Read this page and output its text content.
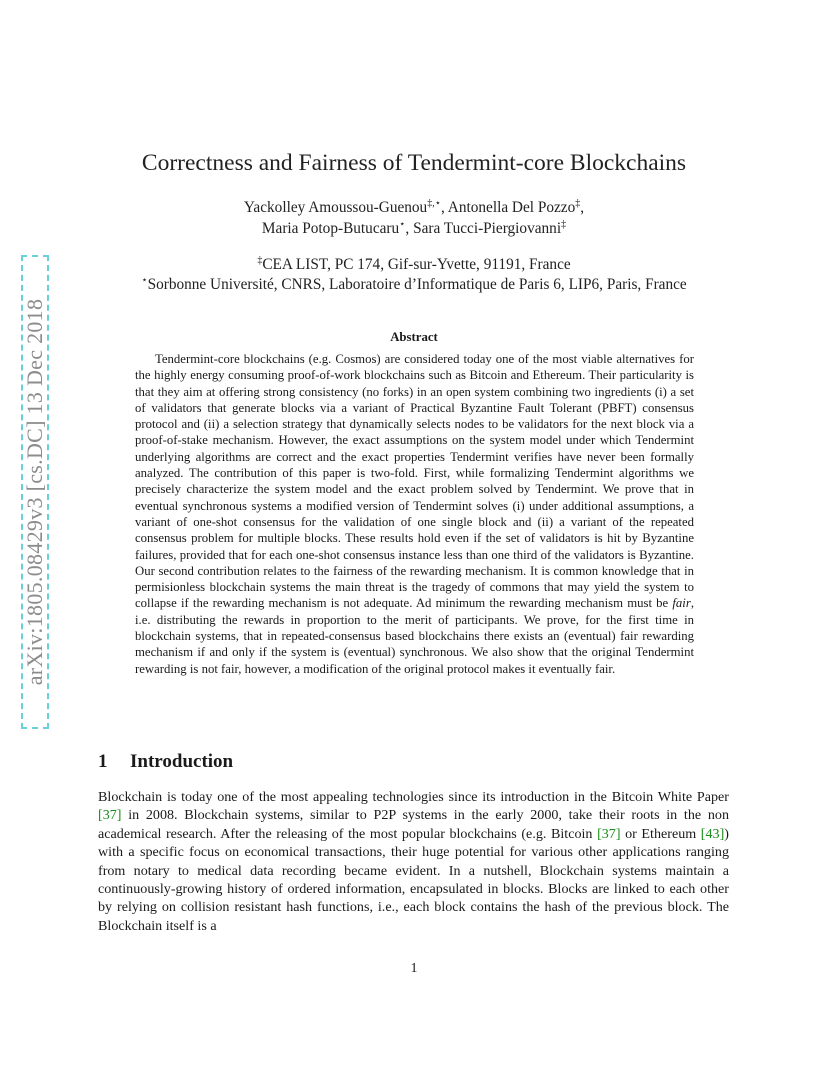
arXiv:1805.08429v3 [cs.DC] 13 Dec 2018
Correctness and Fairness of Tendermint-core Blockchains
Yackolley Amoussou-Guenou‡,⋆, Antonella Del Pozzo‡,
Maria Potop-Butucaru⋆, Sara Tucci-Piergiovanni‡
‡CEA LIST, PC 174, Gif-sur-Yvette, 91191, France
⋆Sorbonne Université, CNRS, Laboratoire d’Informatique de Paris 6, LIP6, Paris, France
Abstract

Tendermint-core blockchains (e.g. Cosmos) are considered today one of the most viable alternatives for the highly energy consuming proof-of-work blockchains such as Bitcoin and Ethereum. Their particularity is that they aim at offering strong consistency (no forks) in an open system combining two ingredients (i) a set of validators that generate blocks via a variant of Practical Byzantine Fault Tolerant (PBFT) consensus protocol and (ii) a selection strategy that dynamically selects nodes to be validators for the next block via a proof-of-stake mechanism. However, the exact assumptions on the system model under which Tendermint underlying algorithms are correct and the exact properties Tendermint verifies have never been formally analyzed. The contribution of this paper is two-fold. First, while formalizing Tendermint algorithms we precisely characterize the system model and the exact problem solved by Tendermint. We prove that in eventual synchronous systems a modified version of Tendermint solves (i) under additional assumptions, a variant of one-shot consensus for the validation of one single block and (ii) a variant of the repeated consensus problem for multiple blocks. These results hold even if the set of validators is hit by Byzantine failures, provided that for each one-shot consensus instance less than one third of the validators is Byzantine. Our second contribution relates to the fairness of the rewarding mechanism. It is common knowledge that in permisionless blockchain systems the main threat is the tragedy of commons that may yield the system to collapse if the rewarding mechanism is not adequate. Ad minimum the rewarding mechanism must be fair, i.e. distributing the rewards in proportion to the merit of participants. We prove, for the first time in blockchain systems, that in repeated-consensus based blockchains there exists an (eventual) fair rewarding mechanism if and only if the system is (eventual) synchronous. We also show that the original Tendermint rewarding is not fair, however, a modification of the original protocol makes it eventually fair.

1 Introduction

Blockchain is today one of the most appealing technologies since its introduction in the Bitcoin White Paper [37] in 2008. Blockchain systems, similar to P2P systems in the early 2000, take their roots in the non academical research. After the releasing of the most popular blockchains (e.g. Bitcoin [37] or Ethereum [43]) with a specific focus on economical transactions, their huge potential for various other applications ranging from notary to medical data recording became evident. In a nutshell, Blockchain systems maintain a continuously-growing history of ordered information, encapsulated in blocks. Blocks are linked to each other by relying on collision resistant hash functions, i.e., each block contains the hash of the previous block. The Blockchain itself is a

1
